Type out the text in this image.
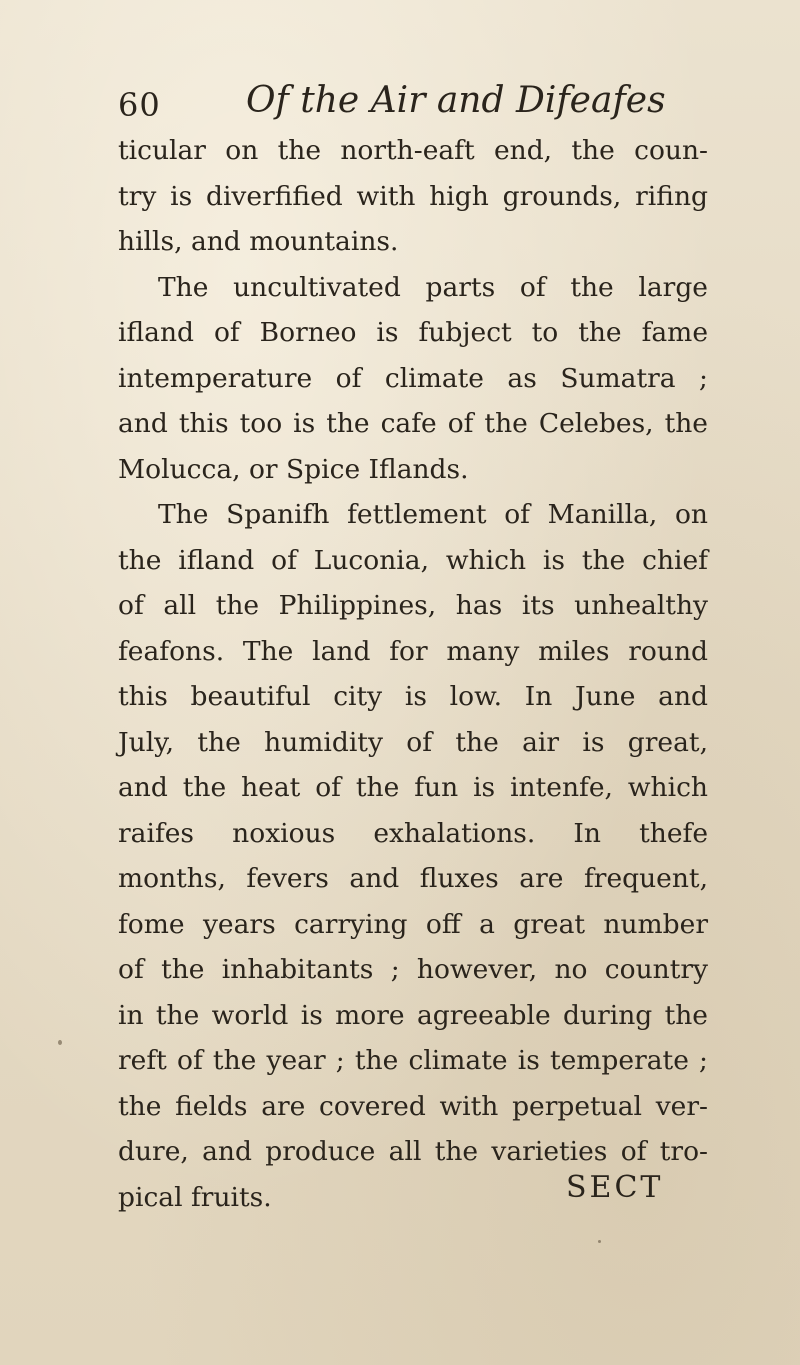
60 Of the Air and Difeafes
ticular on the north-eaft end, the coun-
try is diverfified with high grounds, rifing
hills, and mountains.
The uncultivated parts of the large
ifland of Borneo is fubject to the fame
intemperature of climate as Sumatra ;
and this too is the cafe of the Celebes, the
Molucca, or Spice Iflands.
The Spanifh fettlement of Manilla, on
the ifland of Luconia, which is the chief
of all the Philippines, has its unhealthy
feafons. The land for many miles round
this beautiful city is low. In June and
July, the humidity of the air is great,
and the heat of the fun is intenfe, which
raifes noxious exhalations. In thefe
months, fevers and fluxes are frequent,
fome years carrying off a great number
of the inhabitants ; however, no country
in the world is more agreeable during the
reft of the year ; the climate is temperate ;
the fields are covered with perpetual ver-
dure, and produce all the varieties of tro-
pical fruits.	SECT
